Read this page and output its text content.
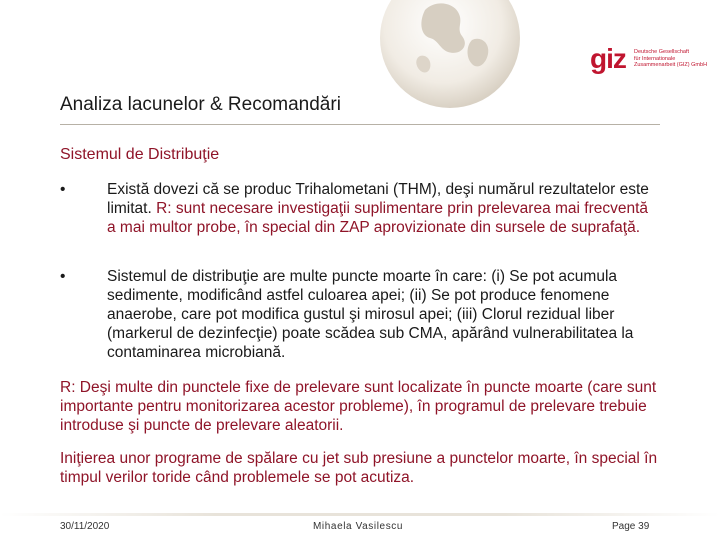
giz Deutsche Gesellschaft
für Internationale
Zusammenarbeit (GIZ) GmbH
Analiza lacunelor & Recomandări
Sistemul de Distribuţie
•	Există dovezi că se produc Trihalometani (THM), deşi numărul rezultatelor este limitat. R: sunt necesare investigaţii suplimentare prin prelevarea mai frecventă a mai multor probe, în special din ZAP aprovizionate din sursele de suprafaţă.
•	Sistemul de distribuţie are multe puncte moarte în care: (i) Se pot acumula sedimente, modificând astfel culoarea apei; (ii) Se pot produce fenomene anaerobe, care pot modifica gustul şi mirosul apei; (iii) Clorul rezidual liber (markerul de dezinfecţie) poate scădea sub CMA, apărând vulnerabilitatea la contaminarea microbiană.
R: Deşi multe din punctele fixe de prelevare sunt localizate în puncte moarte (care sunt importante pentru monitorizarea acestor probleme), în programul de prelevare trebuie introduse şi puncte de prelevare aleatorii.
Iniţierea unor programe de spălare cu jet sub presiune a punctelor moarte, în special în timpul verilor toride când problemele se pot acutiza.
30/11/2020	Mihaela Vasilescu	Page 39
